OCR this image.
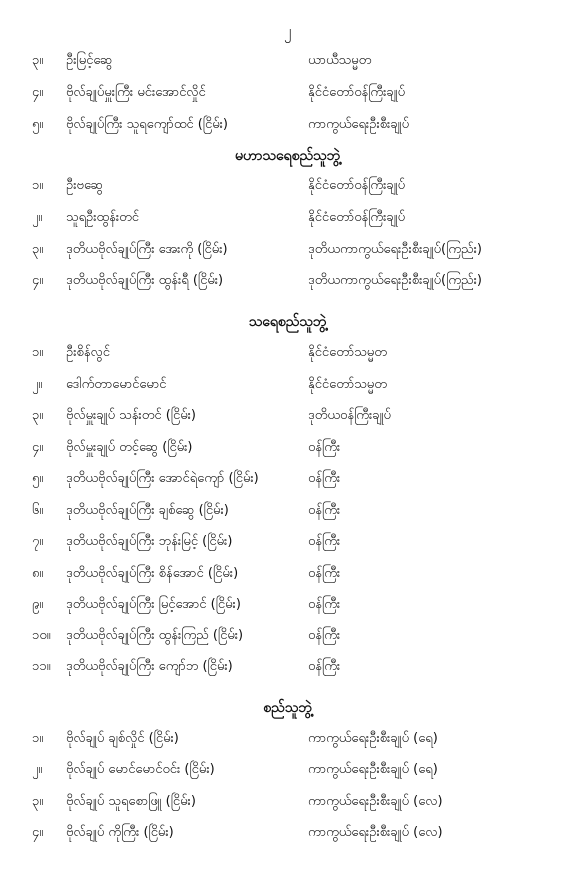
၂
၃။ ဦးမြင့်ဆွေ	ယာယီသမ္မတ
၄။ ဗိုလ်ချုပ်မှူးကြီး မင်းအောင်လှိုင်	နိုင်ငံတော်ဝန်ကြီးချုပ်
၅။ ဗိုလ်ချုပ်ကြီး သူရကျော်ထင် (ငြိမ်း)	ကာကွယ်ရေးဦးစီးချုပ်
မဟာသရေစည်သူဘွဲ့
၁။ ဦးဗဆွေ	နိုင်ငံတော်ဝန်ကြီးချုပ်
၂။ သူရဦးထွန်းတင်	နိုင်ငံတော်ဝန်ကြီးချုပ်
၃။ ဒုတိယဗိုလ်ချုပ်ကြီး အေးကို (ငြိမ်း)	ဒုတိယကာကွယ်ရေးဦးစီးချုပ်(ကြည်း)
၄။ ဒုတိယဗိုလ်ချုပ်ကြီး ထွန်းရီ (ငြိမ်း)	ဒုတိယကာကွယ်ရေးဦးစီးချုပ်(ကြည်း)
သရေစည်သူဘွဲ့
၁။ ဦးစိန်လွင်	နိုင်ငံတော်သမ္မတ
၂။ ဒေါက်တာမောင်မောင်	နိုင်ငံတော်သမ္မတ
၃။ ဗိုလ်မှူးချုပ် သန်းတင် (ငြိမ်း)	ဒုတိယဝန်ကြီးချုပ်
၄။ ဗိုလ်မှူးချုပ် တင့်ဆွေ (ငြိမ်း)	ဝန်ကြီး
၅။ ဒုတိယဗိုလ်ချုပ်ကြီး အောင်ရဲကျော် (ငြိမ်း)	ဝန်ကြီး
၆။ ဒုတိယဗိုလ်ချုပ်ကြီး ချစ်ဆွေ (ငြိမ်း)	ဝန်ကြီး
၇။ ဒုတိယဗိုလ်ချုပ်ကြီး ဘုန်းမြင့် (ငြိမ်း)	ဝန်ကြီး
၈။ ဒုတိယဗိုလ်ချုပ်ကြီး စိန်အောင် (ငြိမ်း)	ဝန်ကြီး
၉။ ဒုတိယဗိုလ်ချုပ်ကြီး မြင့်အောင် (ငြိမ်း)	ဝန်ကြီး
၁၀။ ဒုတိယဗိုလ်ချုပ်ကြီး ထွန်းကြည် (ငြိမ်း)	ဝန်ကြီး
၁၁။ ဒုတိယဗိုလ်ချုပ်ကြီး ကျော်ဘ (ငြိမ်း)	ဝန်ကြီး
စည်သူဘွဲ့
၁။ ဗိုလ်ချုပ် ချစ်လှိုင် (ငြိမ်း)	ကာကွယ်ရေးဦးစီးချုပ် (ရေ)
၂။ ဗိုလ်ချုပ် မောင်မောင်ဝင်း (ငြိမ်း)	ကာကွယ်ရေးဦးစီးချုပ် (ရေ)
၃။ ဗိုလ်ချုပ် သူရစောဖြူ (ငြိမ်း)	ကာကွယ်ရေးဦးစီးချုပ် (လေ)
၄။ ဗိုလ်ချုပ် ကိုကြီး (ငြိမ်း)	ကာကွယ်ရေးဦးစီးချုပ် (လေ)
